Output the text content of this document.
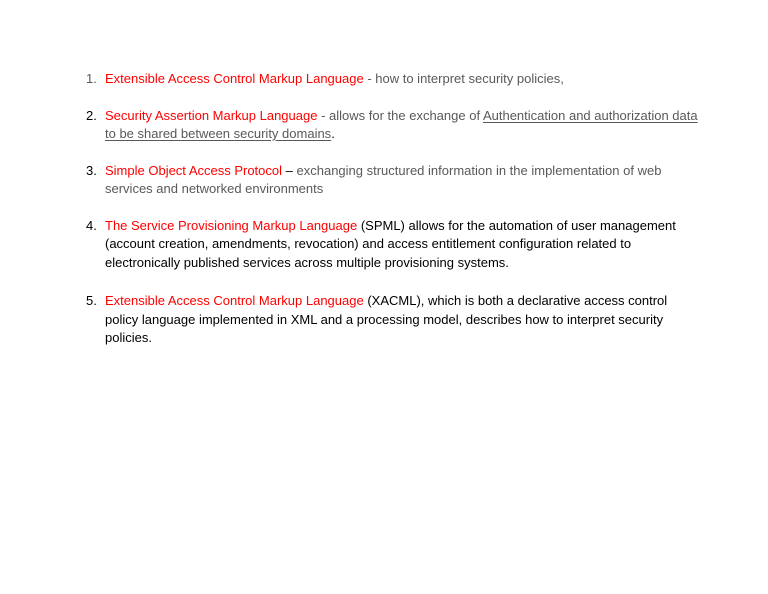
1. Extensible Access Control Markup Language - how to interpret security policies,
2. Security Assertion Markup Language - allows for the exchange of Authentication and authorization data to be shared between security domains.
3. Simple Object Access Protocol – exchanging structured information in the implementation of web services and networked environments
4. The Service Provisioning Markup Language (SPML) allows for the automation of user management (account creation, amendments, revocation) and access entitlement configuration related to electronically published services across multiple provisioning systems.
5. Extensible Access Control Markup Language (XACML), which is both a declarative access control policy language implemented in XML and a processing model, describes how to interpret security policies.
